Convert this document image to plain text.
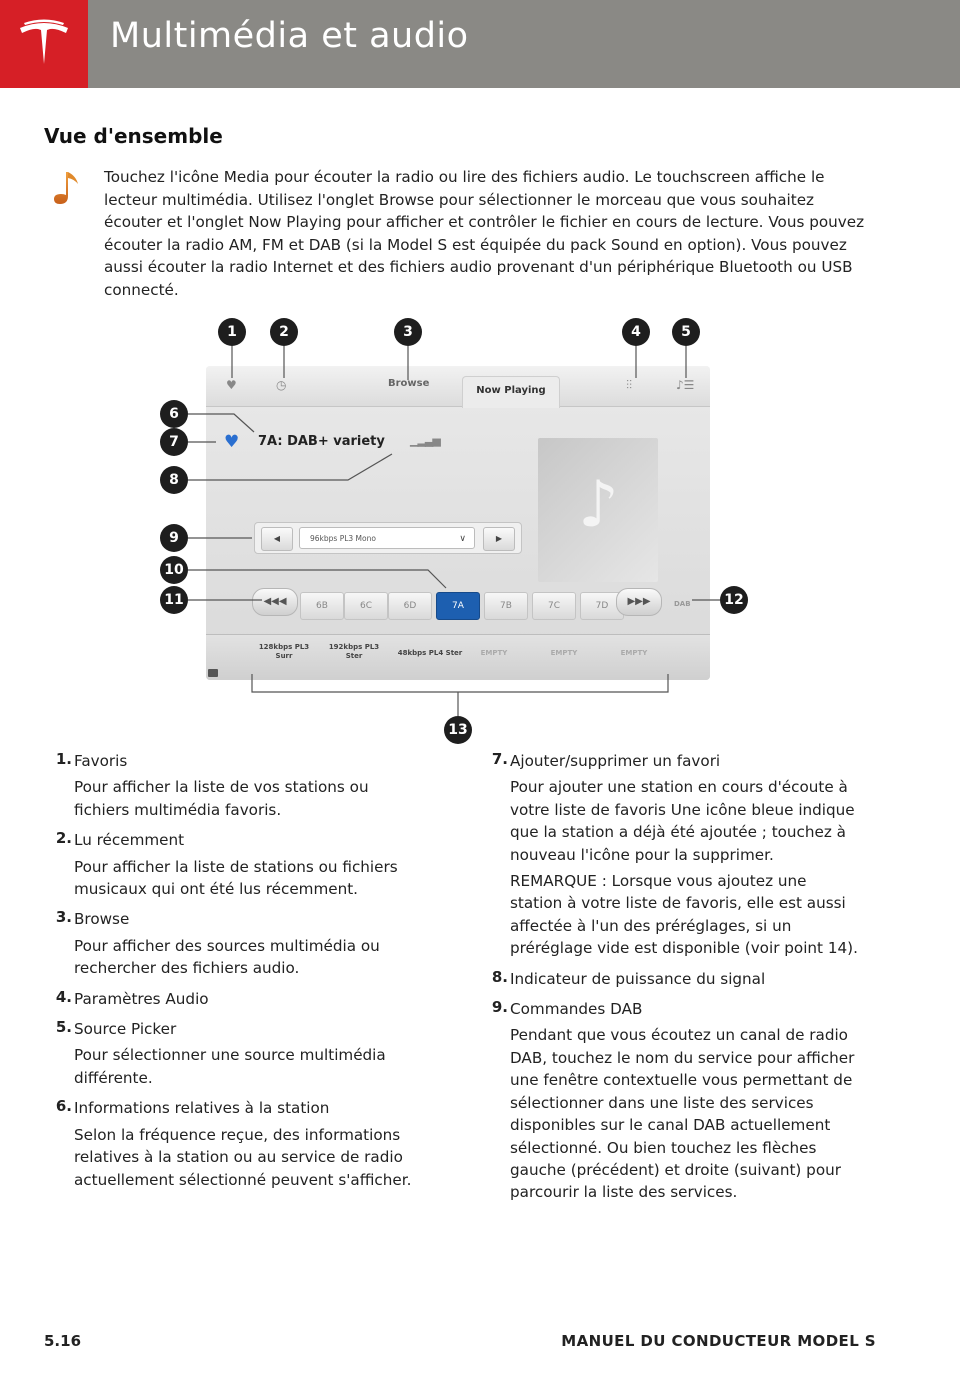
Multimédia et audio
Vue d'ensemble

Touchez l'icône Media pour écouter la radio ou lire des fichiers audio. Le touchscreen affiche le lecteur multimédia. Utilisez l'onglet Browse pour sélectionner le morceau que vous souhaitez écouter et l'onglet Now Playing pour afficher et contrôler le fichier en cours de lecture. Vous pouvez écouter la radio AM, FM et DAB (si la Model S est équipée du pack Sound en option). Vous pouvez aussi écouter la radio Internet et des fichiers audio provenant d'un périphérique Bluetooth ou USB connecté.

♥	◷	Browse
Now Playing	⫶⫶	♪☰
♥ 7A: DAB+ variety ▁▂▃▅
♪
◀	96kbps PL3 Mono	∨	▶
◀◀◀	6B	6C	6D	7A	7B	7C	7D	▶▶▶	DAB
128kbps PL3
Surr
192kbps PL3
Ster	48kbps PL4 Ster	EMPTY	EMPTY	EMPTY
1	2	3	4	5
6
7
8
9
10
11	12
13
1. Favoris
Pour afficher la liste de vos stations ou fichiers multimédia favoris.
2. Lu récemment
Pour afficher la liste de stations ou fichiers musicaux qui ont été lus récemment.
3. Browse
Pour afficher des sources multimédia ou rechercher des fichiers audio.
4. Paramètres Audio
5. Source Picker
Pour sélectionner une source multimédia différente.
6. Informations relatives à la station
Selon la fréquence reçue, des informations relatives à la station ou au service de radio actuellement sélectionné peuvent s'afficher.
7. Ajouter/supprimer un favori
Pour ajouter une station en cours d'écoute à votre liste de favoris Une icône bleue indique que la station a déjà été ajoutée ; touchez à nouveau l'icône pour la supprimer.
REMARQUE : Lorsque vous ajoutez une station à votre liste de favoris, elle est aussi affectée à l'un des préréglages, si un préréglage vide est disponible (voir point 14).
8. Indicateur de puissance du signal
9. Commandes DAB
Pendant que vous écoutez un canal de radio DAB, touchez le nom du service pour afficher une fenêtre contextuelle vous permettant de sélectionner dans une liste des services disponibles sur le canal DAB actuellement sélectionné. Ou bien touchez les flèches gauche (précédent) et droite (suivant) pour parcourir la liste des services.
5.16	MANUEL DU CONDUCTEUR MODEL S
